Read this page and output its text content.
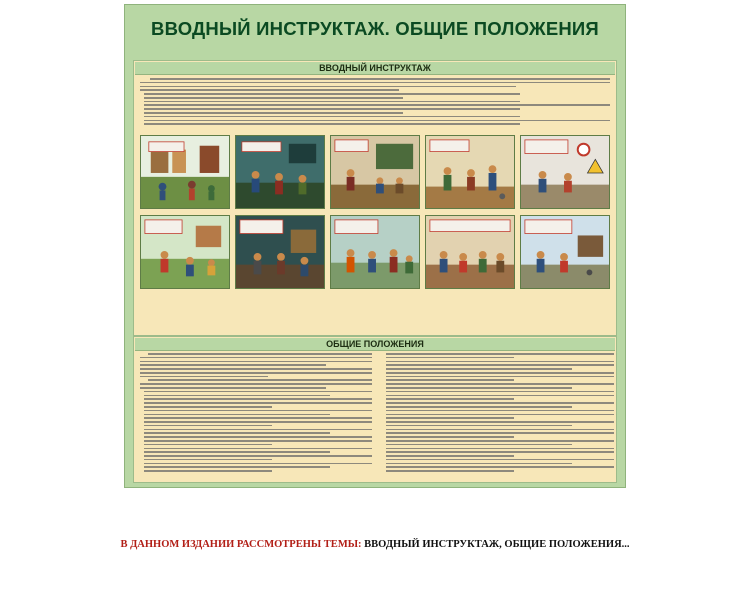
ВВОДНЫЙ ИНСТРУКТАЖ. ОБЩИЕ ПОЛОЖЕНИЯ
ВВОДНЫЙ ИНСТРУКТАЖ
ОБЩИЕ ПОЛОЖЕНИЯ

В ДАННОМ ИЗДАНИИ РАССМОТРЕНЫ ТЕМЫ: ВВОДНЫЙ ИНСТРУКТАЖ, ОБЩИЕ ПОЛОЖЕНИЯ...
